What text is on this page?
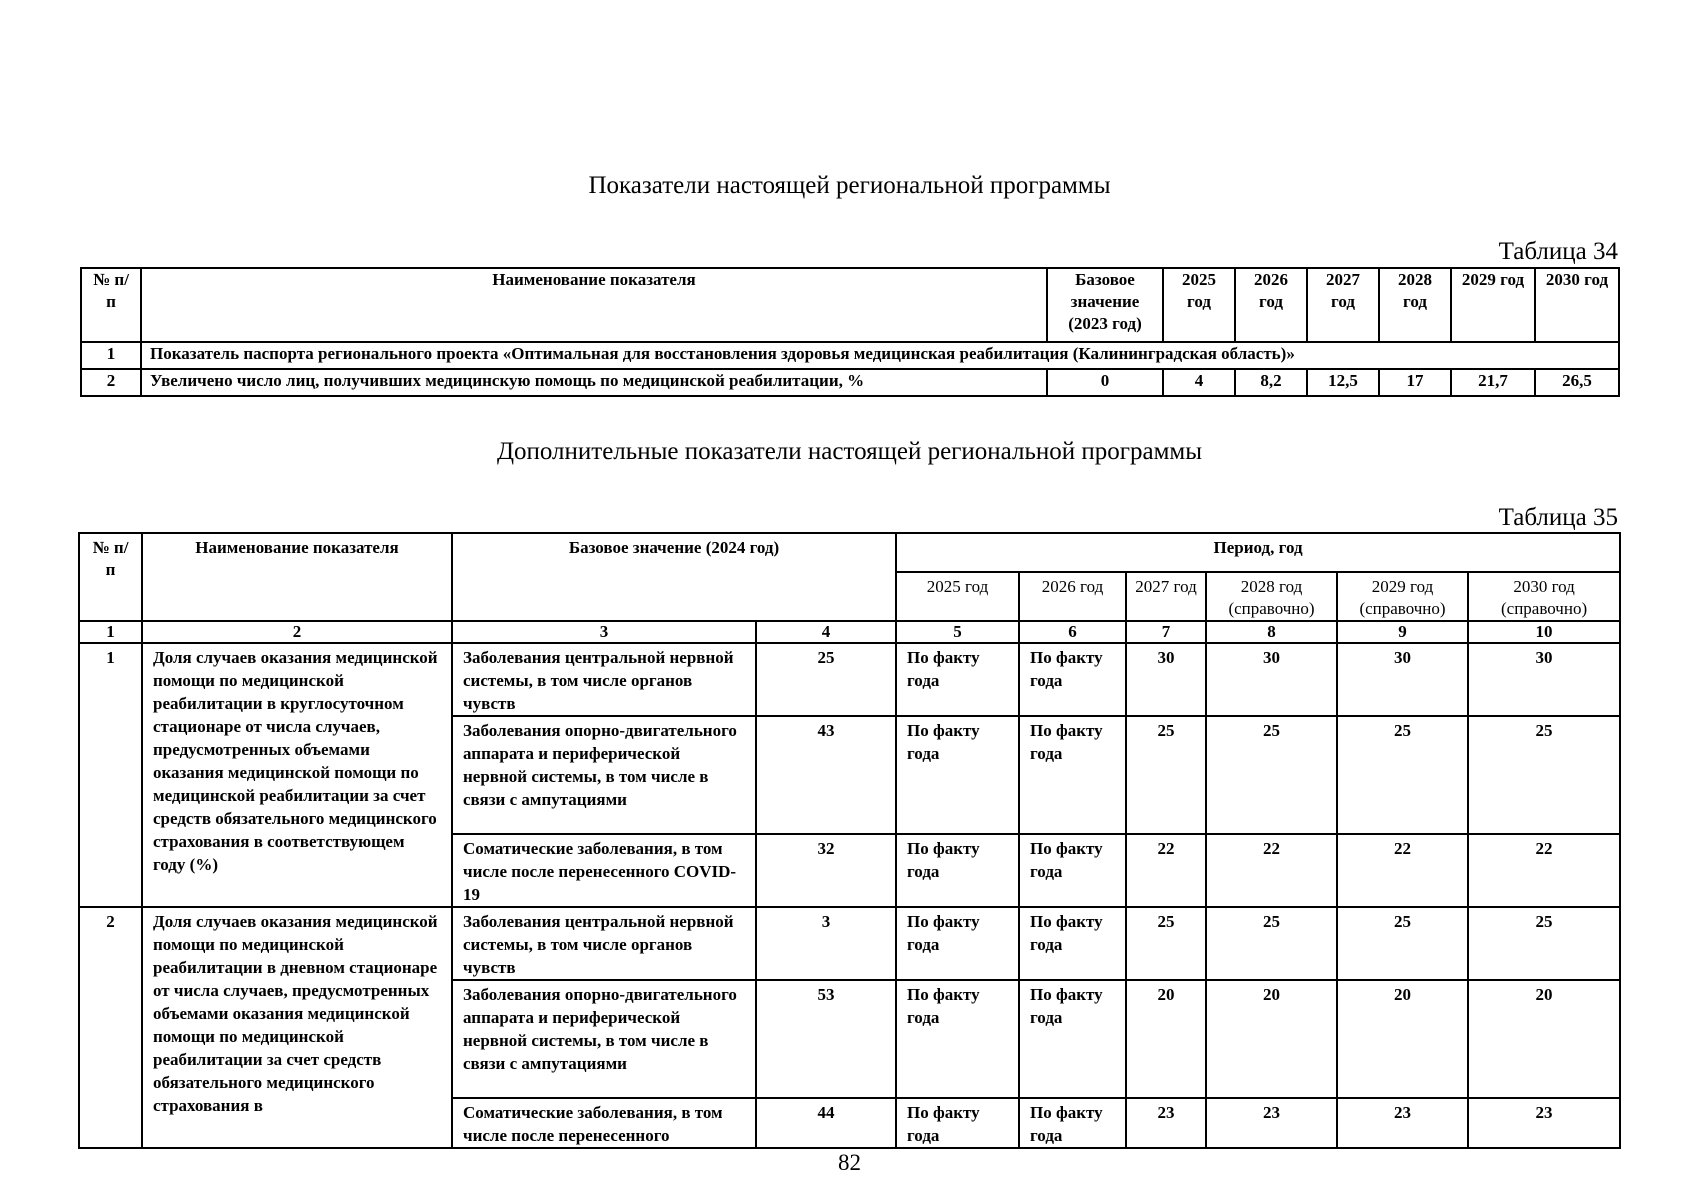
Показатели настоящей региональной программы
Таблица 34
№ п/п	Наименование показателя	Базовое значение (2023 год)	2025 год	2026 год	2027 год	2028 год	2029 год	2030 год
1	Показатель паспорта регионального проекта «Оптимальная для восстановления здоровья медицинская реабилитация (Калининградская область)»							
2	Увеличено число лиц, получивших медицинскую помощь по медицинской реабилитации, %	0	4	8,2	12,5	17	21,7	26,5
Дополнительные показатели настоящей региональной программы
Таблица 35
№ п/п	Наименование показателя	Базовое значение (2024 год)		Период, год					
				2025 год	2026 год	2027 год	2028 год (справочно)	2029 год (справочно)	2030 год (справочно)
1	2	3	4	5	6	7	8	9	10
1	Доля случаев оказания медицинской помощи по медицинской реабилитации в круглосуточном стационаре от числа случаев, предусмотренных объемами оказания медицинской помощи по медицинской реабилитации за счет средств обязательного медицинского страхования в соответствующем году (%)	Заболевания центральной нервной системы, в том числе органов чувств	25	По факту года	По факту года	30	30	30	30
		Заболевания опорно-двигательного аппарата и периферической нервной системы, в том числе в связи с ампутациями	43	По факту года	По факту года	25	25	25	25
		Соматические заболевания, в том числе после перенесенного COVID-19	32	По факту года	По факту года	22	22	22	22
2	Доля случаев оказания медицинской помощи по медицинской реабилитации в дневном стационаре от числа случаев, предусмотренных объемами оказания медицинской помощи по медицинской реабилитации за счет средств обязательного медицинского страхования в	Заболевания центральной нервной системы, в том числе органов чувств	3	По факту года	По факту года	25	25	25	25
		Заболевания опорно-двигательного аппарата и периферической нервной системы, в том числе в связи с ампутациями	53	По факту года	По факту года	20	20	20	20
		Соматические заболевания, в том числе после перенесенного	44	По факту года	По факту года	23	23	23	23
82
